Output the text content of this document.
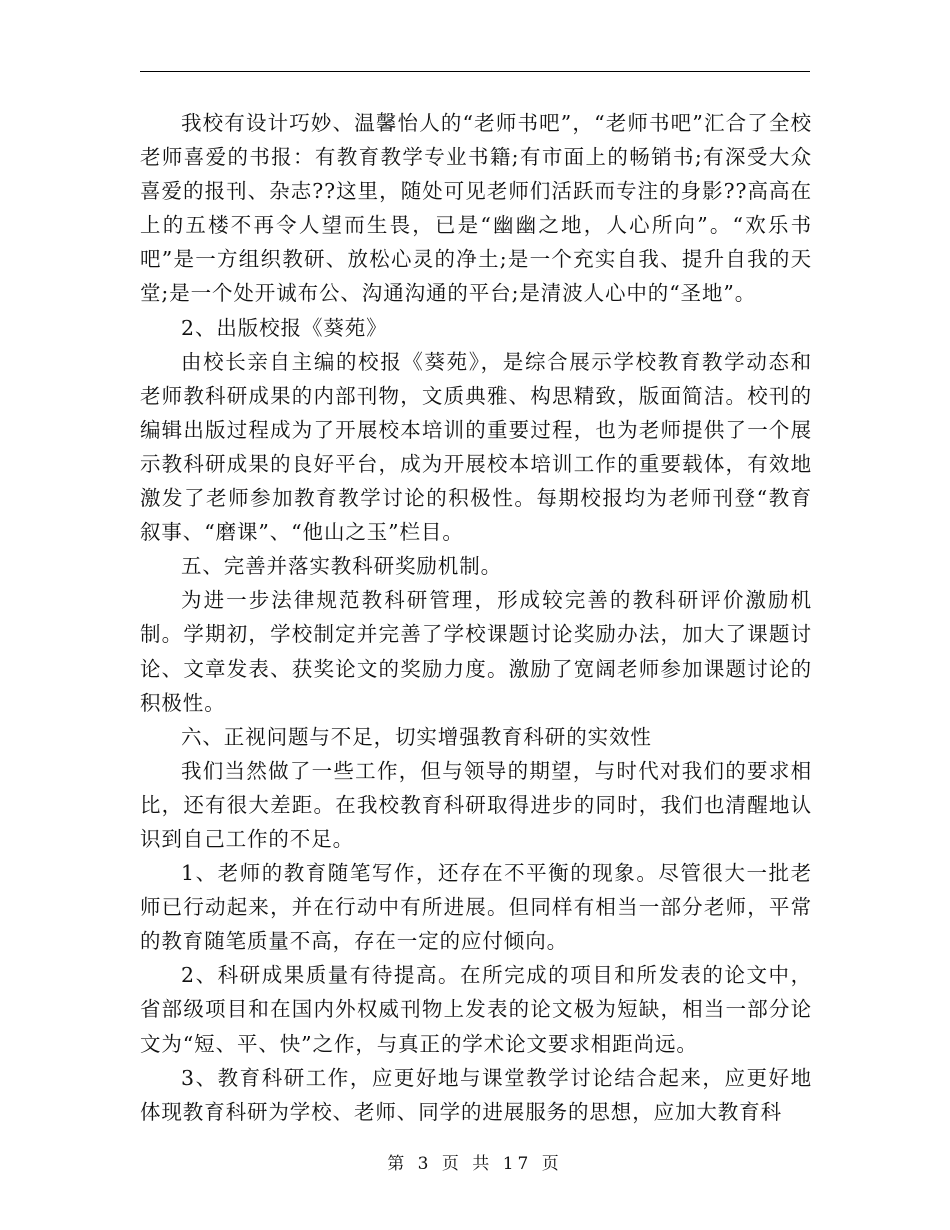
我校有设计巧妙、温馨怡人的“老师书吧”，“老师书吧”汇合了全校老师喜爱的书报：有教育教学专业书籍;有市面上的畅销书;有深受大众喜爱的报刊、杂志??这里，随处可见老师们活跃而专注的身影??高高在上的五楼不再令人望而生畏，已是“幽幽之地，人心所向”。“欢乐书吧”是一方组织教研、放松心灵的净土;是一个充实自我、提升自我的天堂;是一个处开诚布公、沟通沟通的平台;是清波人心中的“圣地”。

2、出版校报《葵苑》

由校长亲自主编的校报《葵苑》，是综合展示学校教育教学动态和老师教科研成果的内部刊物，文质典雅、构思精致，版面简洁。校刊的编辑出版过程成为了开展校本培训的重要过程，也为老师提供了一个展示教科研成果的良好平台，成为开展校本培训工作的重要载体，有效地激发了老师参加教育教学讨论的积极性。每期校报均为老师刊登“教育叙事、“磨课”、“他山之玉”栏目。

五、完善并落实教科研奖励机制。

为进一步法律规范教科研管理，形成较完善的教科研评价激励机制。学期初，学校制定并完善了学校课题讨论奖励办法，加大了课题讨论、文章发表、获奖论文的奖励力度。激励了宽阔老师参加课题讨论的积极性。

六、正视问题与不足，切实增强教育科研的实效性

我们当然做了一些工作，但与领导的期望，与时代对我们的要求相比，还有很大差距。在我校教育科研取得进步的同时，我们也清醒地认识到自己工作的不足。

1、老师的教育随笔写作，还存在不平衡的现象。尽管很大一批老师已行动起来，并在行动中有所进展。但同样有相当一部分老师，平常的教育随笔质量不高，存在一定的应付倾向。

2、科研成果质量有待提高。在所完成的项目和所发表的论文中，省部级项目和在国内外权威刊物上发表的论文极为短缺，相当一部分论文为“短、平、快”之作，与真正的学术论文要求相距尚远。

3、教育科研工作，应更好地与课堂教学讨论结合起来，应更好地体现教育科研为学校、老师、同学的进展服务的思想，应加大教育科

第 3 页 共 17 页
